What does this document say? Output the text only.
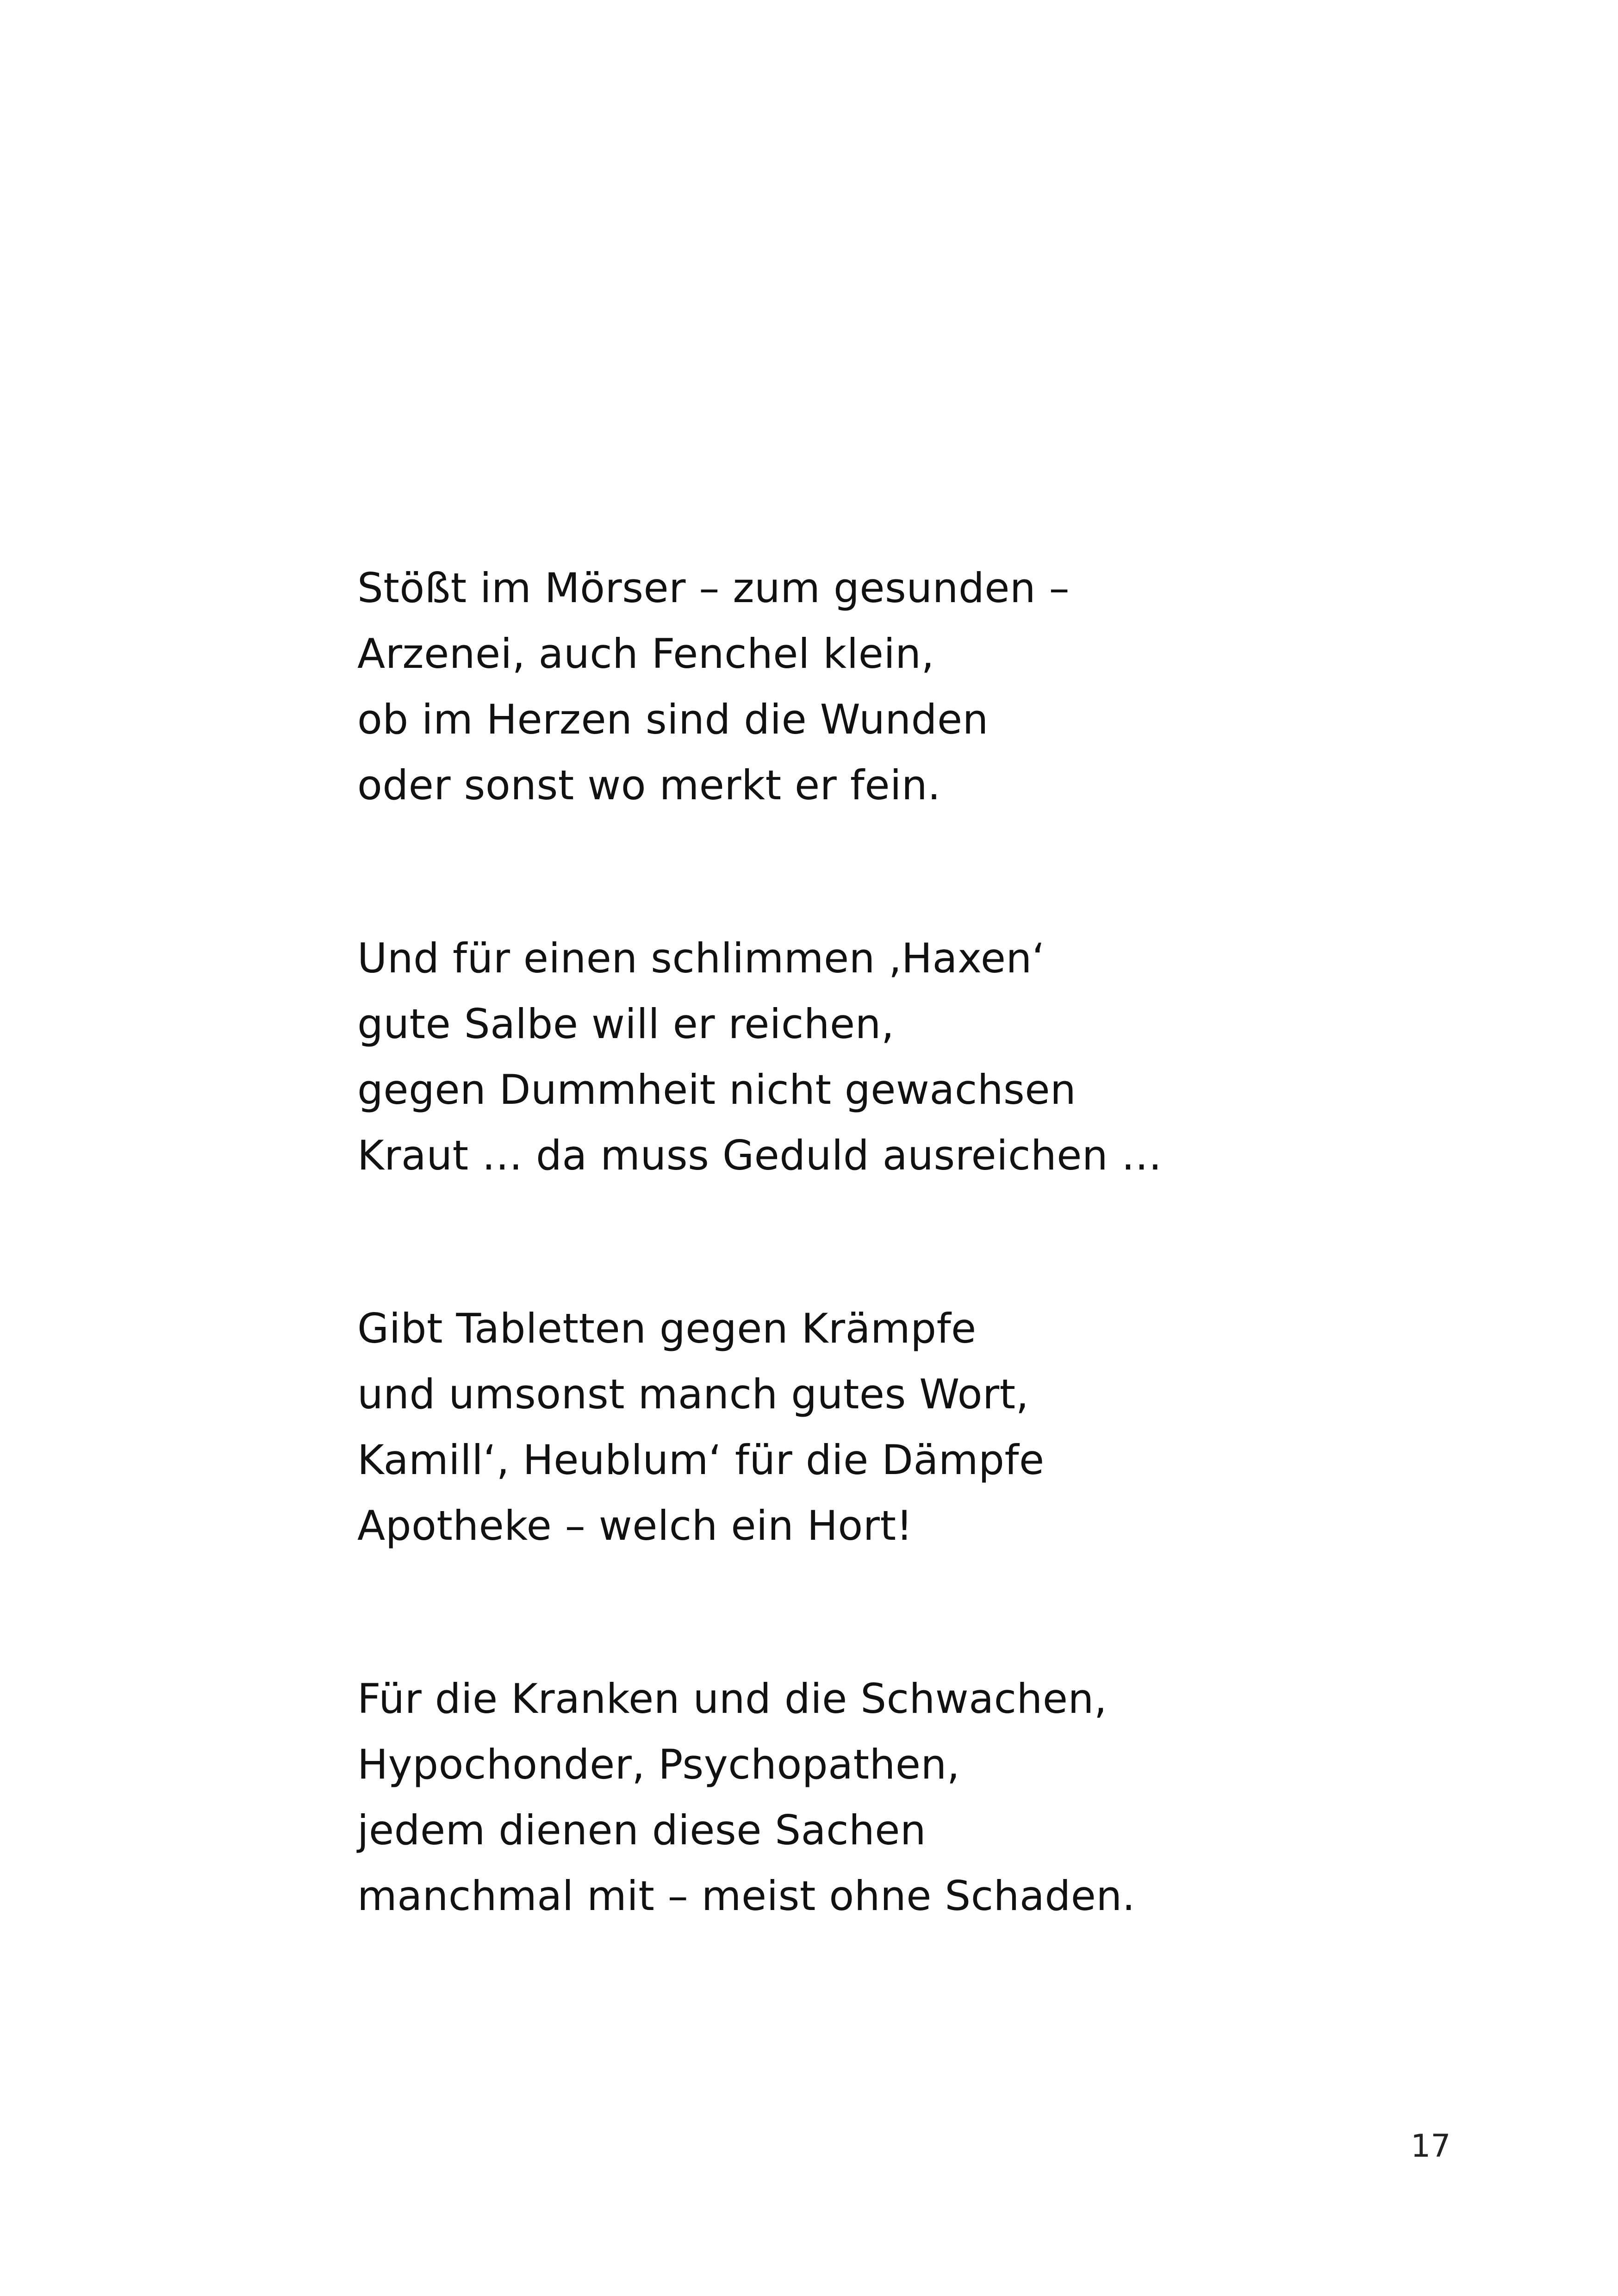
Stößt im Mörser – zum gesunden –
Arzenei, auch Fenchel klein,
ob im Herzen sind die Wunden
oder sonst wo merkt er fein.
Und für einen schlimmen ‚Haxen‘
gute Salbe will er reichen,
gegen Dummheit nicht gewachsen
Kraut … da muss Geduld ausreichen …
Gibt Tabletten gegen Krämpfe
und umsonst manch gutes Wort,
Kamill‘, Heublum‘ für die Dämpfe
Apotheke – welch ein Hort!
Für die Kranken und die Schwachen,
Hypochonder, Psychopathen,
jedem dienen diese Sachen
manchmal mit – meist ohne Schaden.
17
